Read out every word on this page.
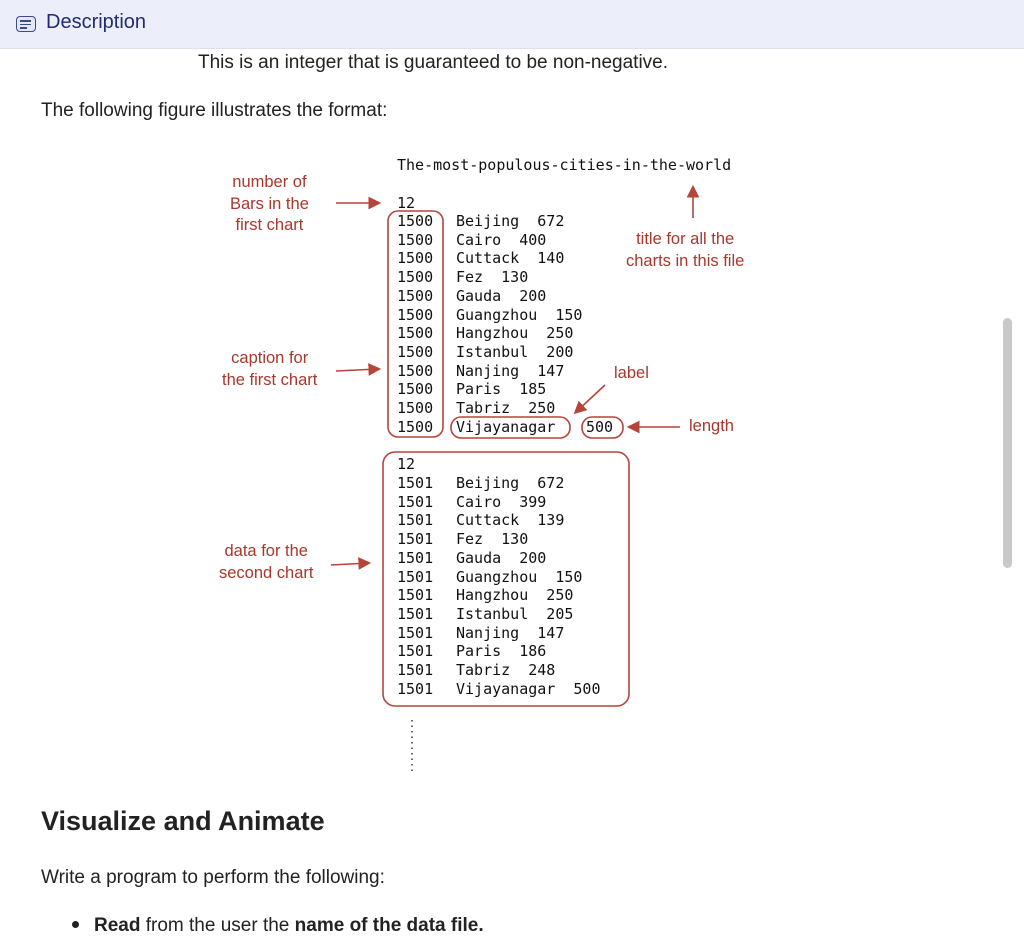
Description
This is an integer that is guaranteed to be non-negative.
The following figure illustrates the format:
The-most-populous-cities-in-the-world
12
1500 Beijing  672
1500 Cairo  400
1500 Cuttack  140
1500 Fez  130
1500 Gauda  200
1500 Guangzhou  150
1500 Hangzhou  250
1500 Istanbul  200
1500 Nanjing  147
1500 Paris  185
1500 Tabriz  250
1500 Vijayanagar 500
12
1501 Beijing  672
1501 Cairo  399
1501 Cuttack  139
1501 Fez  130
1501 Gauda  200
1501 Guangzhou  150
1501 Hangzhou  250
1501 Istanbul  205
1501 Nanjing  147
1501 Paris  186
1501 Tabriz  248
1501 Vijayanagar  500
number of
Bars in the
first chart
title for all the
charts in this file
caption for
the first chart	label
length
data for the
second chart
Visualize and Animate
Write a program to perform the following:
Read from the user the name of the data file.
